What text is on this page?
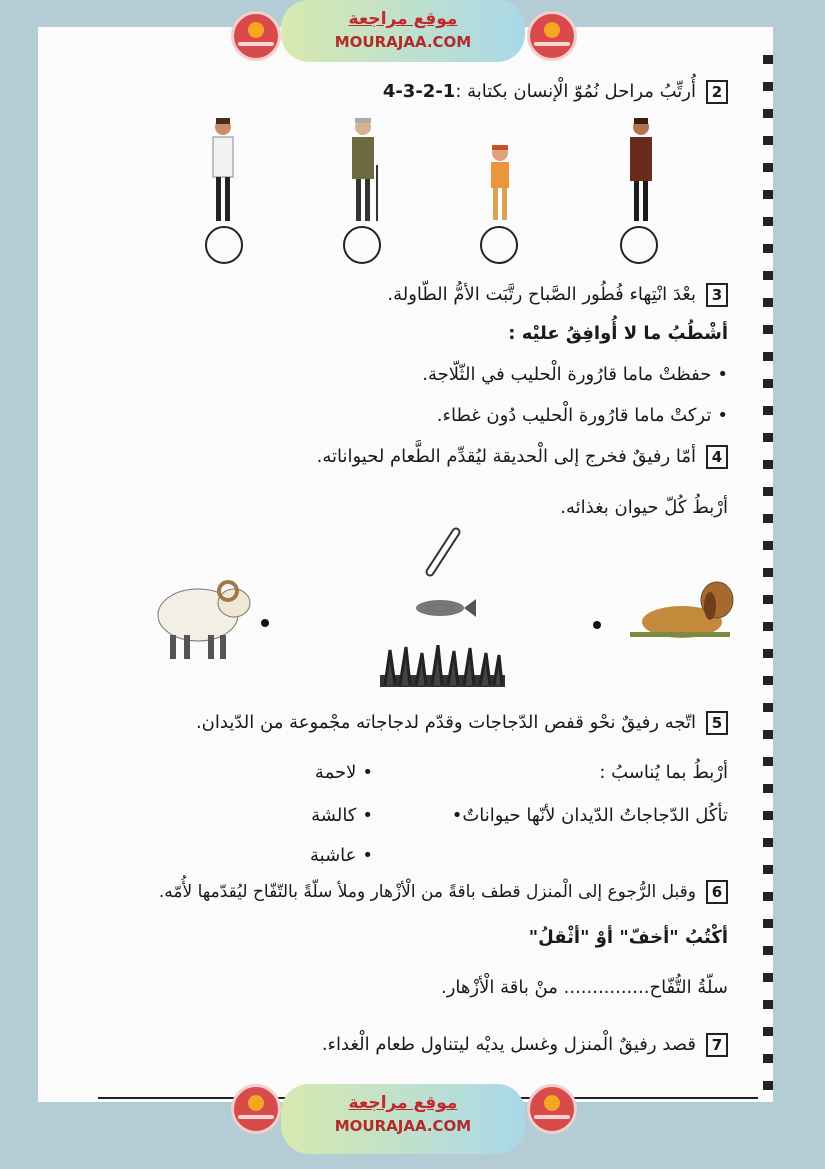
2أُرتِّبُ مراحل نُمُوّ الْإنسان بكتابة :4-3-2-1
3بعْدَ انْتِهاء فُطُور الصَّباح رتَّبَت الأمُّ الطّاولة.
أشْطُبُ ما لا أُوافِقُ عليْه :
•حفظتْ ماما قارُورة الْحليب في الثّلّاجة.
•تركتْ ماما قارُورة الْحليب دُون غطاء.
4أمّا رفيقٌ فخرج إلى الْحديقة ليُقدِّم الطَّعام لحيواناته.
أرْبطُ كُلّ حيوان بغذائه.
5اتّجه رفيقٌ نحْو قفص الدّجاجات وقدّم لدجاجاته مجْموعة من الدّيدان.
أرْبطُ بما يُناسبُ :
تأكُل الدّجاجاتُ الدّيدان لأنّها حيواناتٌ•
•لاحمة
•كالشة
•عاشبة
6وقبل الرُّجوع إلى الْمنزل قطف باقةً من الْأزْهار وملأ سلّةً بالتّفّاح ليُقدّمها لأُمّه.
أكْتُبُ "أخفّ" أوْ "أثْقلُ"
سلّةُ التُّفّاح............... منْ باقة الْأزْهار.
7قصد رفيقٌ الْمنزل وغسل يديْه ليتناول طعام الْغداء.
موقع مراجعة
MOURAJAA.COM
موقع مراجعة
MOURAJAA.COM
